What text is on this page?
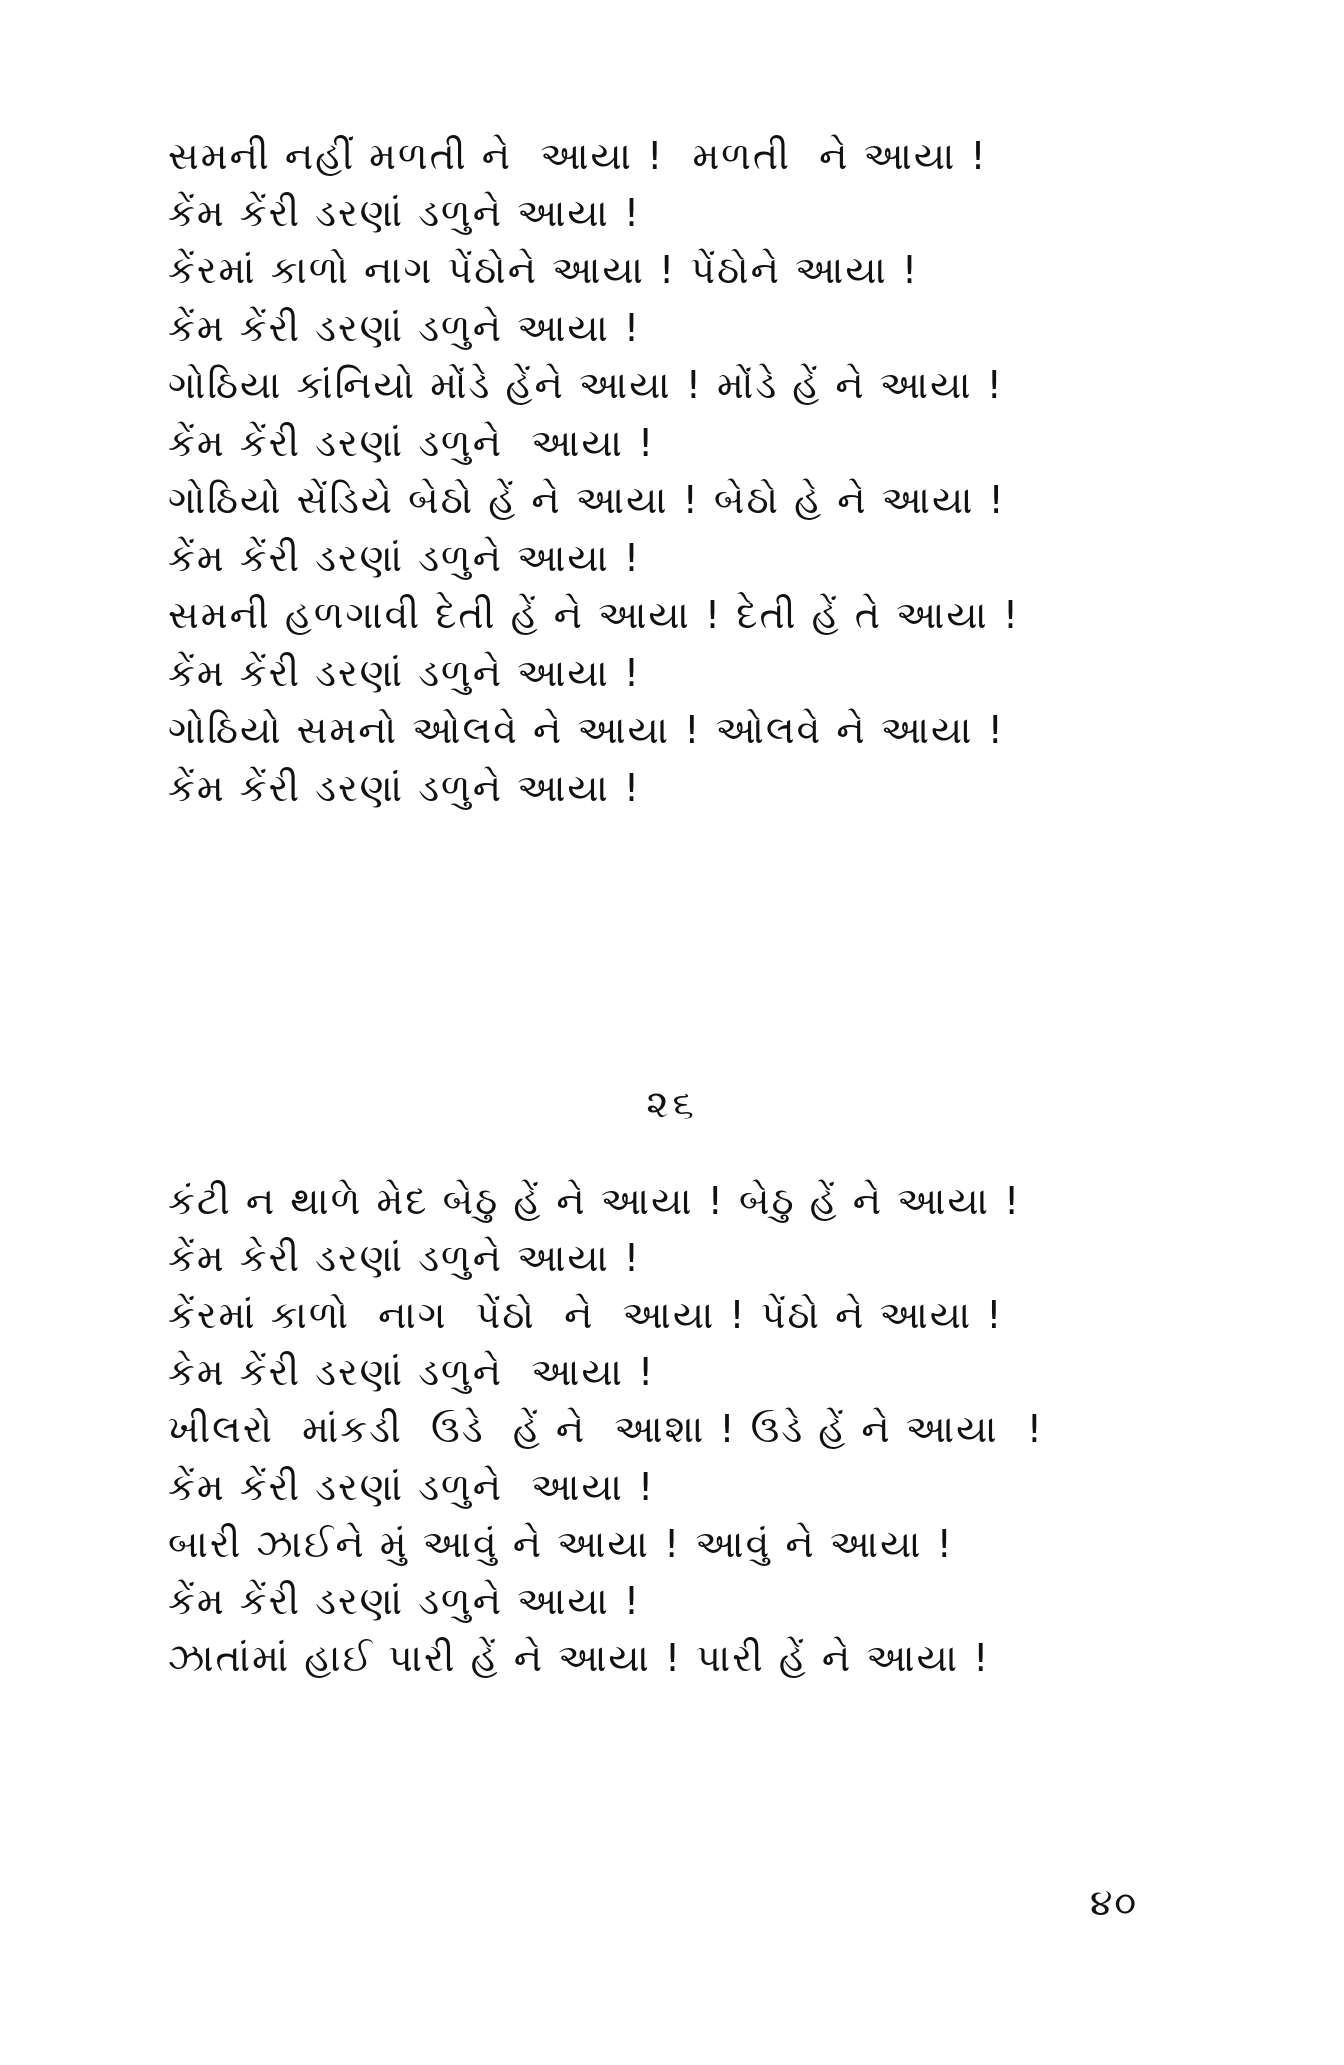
સમની નહીં મળતી ને  આયા !  મળતી  ને આયા !
કેંમ કેંરી ડરણાં ડળુને આયા !
કેંરમાં કાળો નાગ પેંઠોને આયા ! પેંઠોને આયા !
કેંમ કેંરી ડરણાં ડળુને આયા !
ગોઠિયા કાંનિયો મોંડે હેંને આયા ! મોંડે હેં ને આયા !
કેંમ કેંરી ડરણાં ડળુને  આયા !
ગોઠિયો સેંડિયે બેઠો હેં ને આયા ! બેઠો હે ને આયા !
કેંમ કેંરી ડરણાં ડળુને આયા !
સમની હળગાવી દેતી હેં ને આયા ! દેતી હેં તે આયા !
કેંમ કેંરી ડરણાં ડળુને આયા !
ગોઠિયો સમનો ઓલવે ને આયા ! ઓલવે ને આયા !
કેંમ કેંરી ડરણાં ડળુને આયા !
૨૬
કંટી ન થાળે મેદ બેઠુ હેં ને આયા ! બેઠુ હેં ને આયા !
કેંમ કેરી ડરણાં ડળુને આયા !
કેંરમાં કાળો  નાગ  પેંઠો  ને  આયા ! પેંઠો ને આયા !
કેમ કેંરી ડરણાં ડળુને  આયા !
ખીલરો  માંકડી  ઉડે  હેં ને  આશા ! ઉડે હેં ને આયા  !
કેંમ કેંરી ડરણાં ડળુને  આયા !
બારી ઝાઈને મું આવું ને આયા ! આવું ને આયા !
કેંમ કેંરી ડરણાં ડળુને આયા !
ઝાતાંમાં હાઈ પારી હેં ને આયા ! પારી હેં ને આયા !
૪૦
